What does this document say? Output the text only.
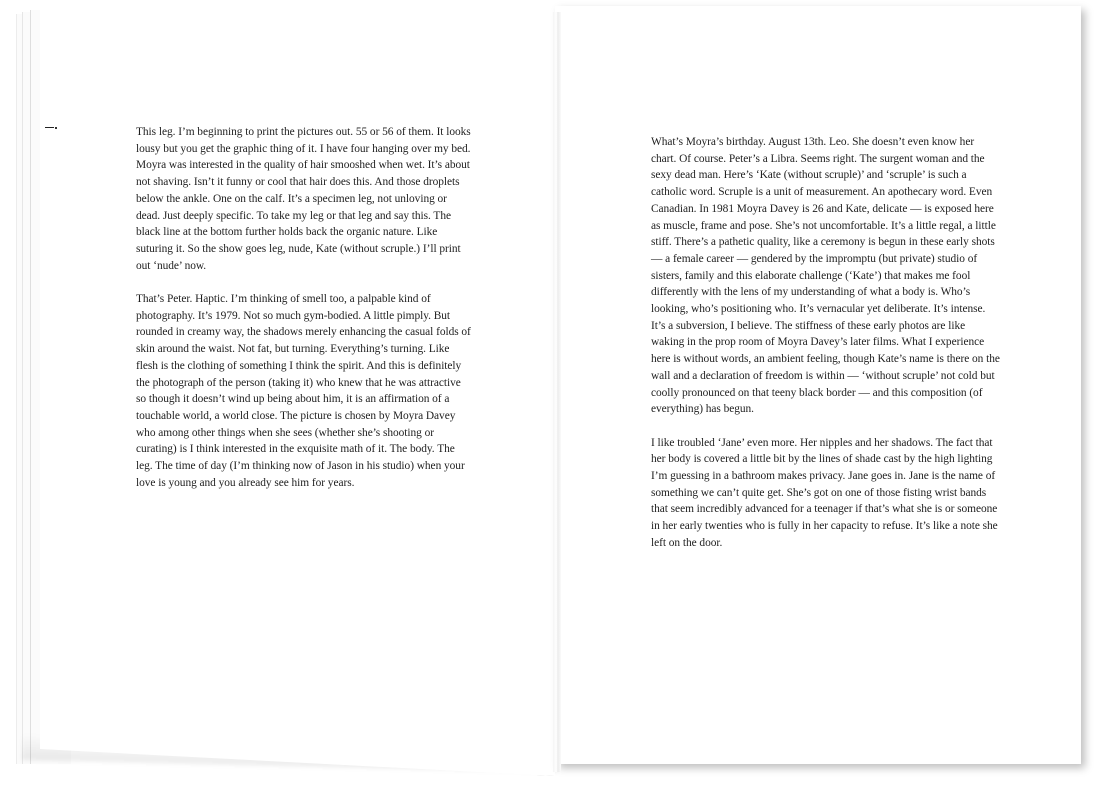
This leg. I’m beginning to print the pictures out. 55 or 56 of them. It looks lousy but you get the graphic thing of it. I have four hanging over my bed. Moyra was interested in the quality of hair smooshed when wet. It’s about not shaving. Isn’t it funny or cool that hair does this. And those droplets below the ankle. One on the calf. It’s a specimen leg, not unloving or dead. Just deeply specific. To take my leg or that leg and say this. The black line at the bottom further holds back the organic nature. Like suturing it. So the show goes leg, nude, Kate (without scruple.) I’ll print out ‘nude’ now.

That’s Peter. Haptic. I’m thinking of smell too, a palpable kind of photography. It’s 1979. Not so much gym-bodied. A little pimply. But rounded in creamy way, the shadows merely enhancing the casual folds of skin around the waist. Not fat, but turning. Everything’s turning. Like flesh is the clothing of something I think the spirit. And this is definitely the photograph of the person (taking it) who knew that he was attractive so though it doesn’t wind up being about him, it is an affirmation of a touchable world, a world close. The picture is chosen by Moyra Davey who among other things when she sees (whether she’s shooting or curating) is I think interested in the exquisite math of it. The body. The leg. The time of day (I’m thinking now of Jason in his studio) when your love is young and you already see him for years.

What’s Moyra’s birthday. August 13th. Leo. She doesn’t even know her chart. Of course. Peter’s a Libra. Seems right. The surgent woman and the sexy dead man. Here’s ‘Kate (without scruple)’ and ‘scruple’ is such a catholic word. Scruple is a unit of measurement. An apothecary word. Even Canadian. In 1981 Moyra Davey is 26 and Kate, delicate — is exposed here as muscle, frame and pose. She’s not uncomfortable. It’s a little regal, a little stiff. There’s a pathetic quality, like a ceremony is begun in these early shots — a female career — gendered by the impromptu (but private) studio of sisters, family and this elaborate challenge (‘Kate’) that makes me fool differently with the lens of my understanding of what a body is. Who’s looking, who’s positioning who. It’s vernacular yet deliberate. It’s intense. It’s a subversion, I believe. The stiffness of these early photos are like waking in the prop room of Moyra Davey’s later films. What I experience here is without words, an ambient feeling, though Kate’s name is there on the wall and a declaration of freedom is within — ‘without scruple’ not cold but coolly pronounced on that teeny black border — and this composition (of everything) has begun.

I like troubled ‘Jane’ even more. Her nipples and her shadows. The fact that her body is covered a little bit by the lines of shade cast by the high lighting I’m guessing in a bathroom makes privacy. Jane goes in. Jane is the name of something we can’t quite get. She’s got on one of those fisting wrist bands that seem incredibly advanced for a teenager if that’s what she is or someone in her early twenties who is fully in her capacity to refuse. It’s like a note she left on the door.
